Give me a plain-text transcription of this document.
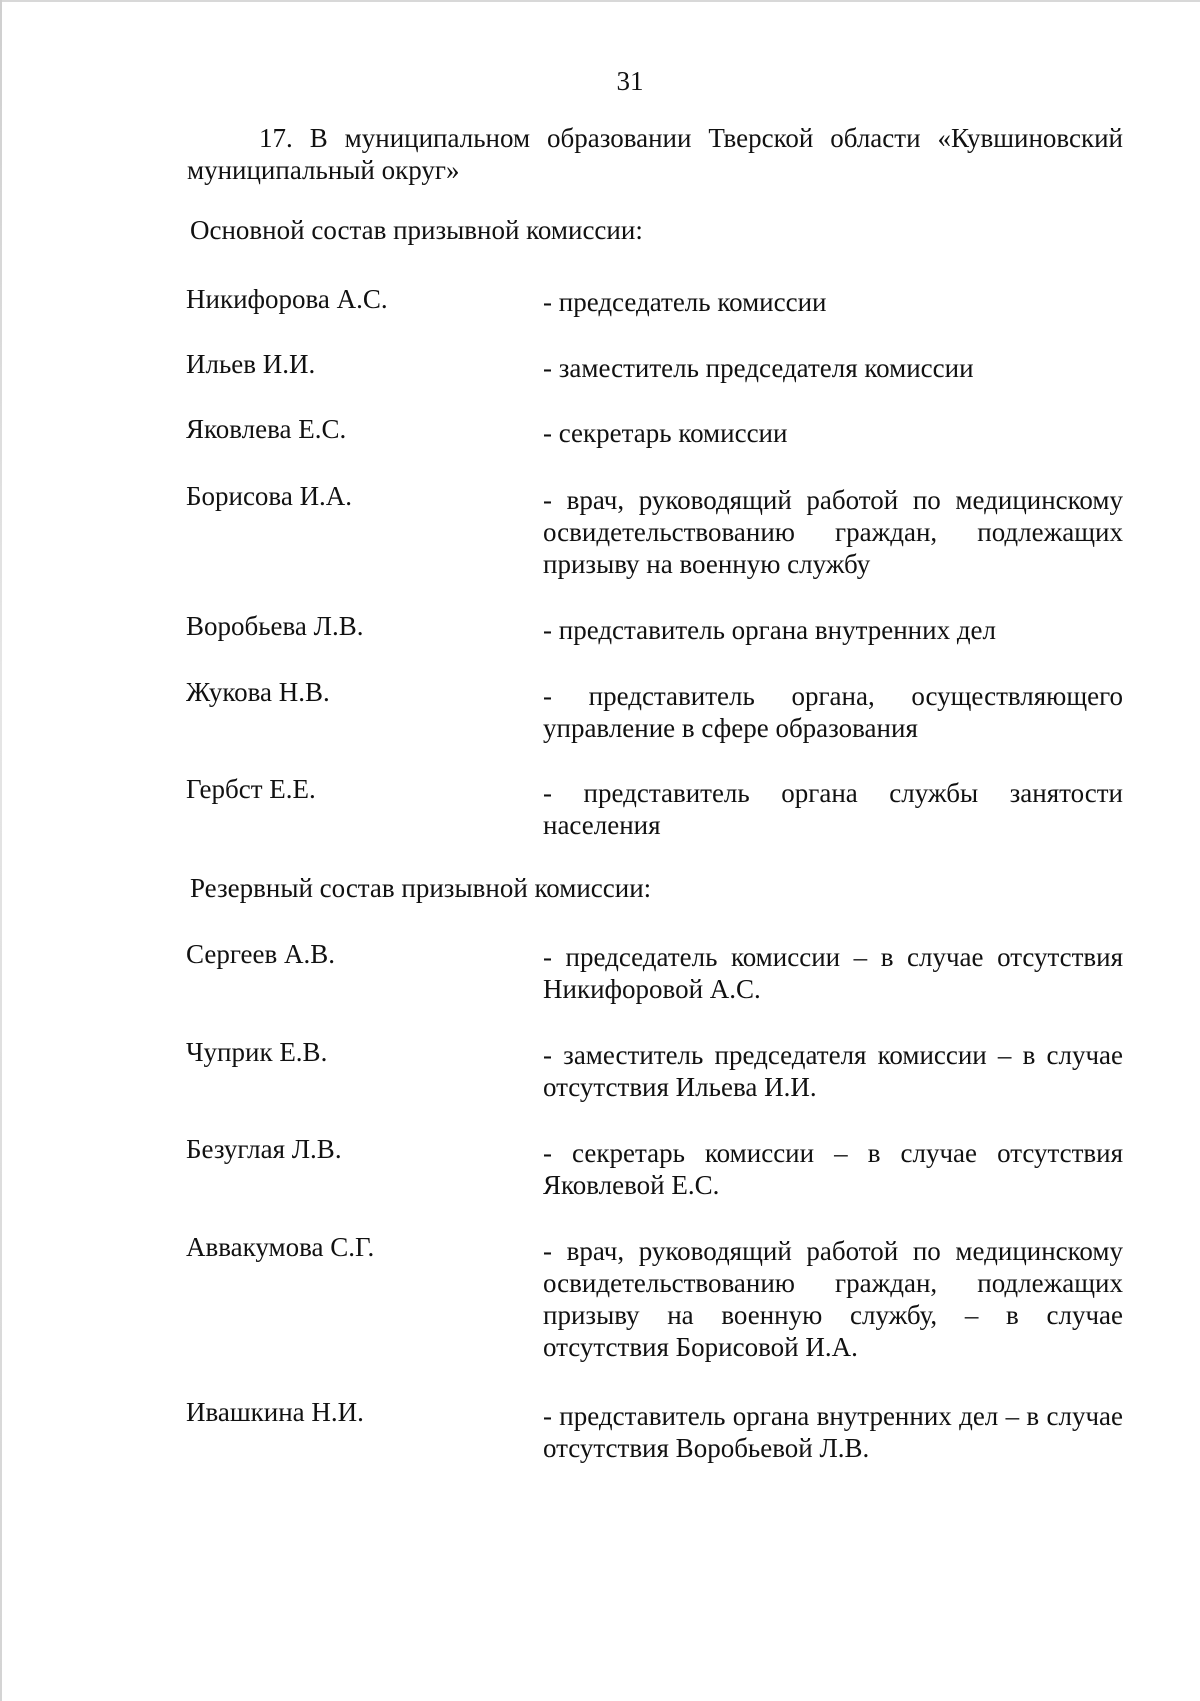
31
17. В муниципальном образовании Тверской области «Кувшиновский муниципальный округ»
Основной состав призывной комиссии:
Никифорова А.С.	- председатель комиссии
Ильев И.И.	- заместитель председателя комиссии
Яковлева Е.С.	- секретарь комиссии
Борисова И.А.	- врач, руководящий работой по медицинскому освидетельствованию граждан, подлежащих призыву на военную службу
Воробьева Л.В.	- представитель органа внутренних дел
Жукова Н.В.	- представитель органа, осуществляющего управление в сфере образования
Гербст Е.Е.	- представитель органа службы занятости населения
Резервный состав призывной комиссии:
Сергеев А.В.	- председатель комиссии – в случае отсутствия Никифоровой А.С.
Чуприк Е.В.	- заместитель председателя комиссии – в случае отсутствия Ильева И.И.
Безуглая Л.В.	- секретарь комиссии – в случае отсутствия Яковлевой Е.С.
Аввакумова С.Г.	- врач, руководящий работой по медицинскому освидетельствованию граждан, подлежащих призыву на военную службу, – в случае отсутствия Борисовой И.А.
Ивашкина Н.И.	- представитель органа внутренних дел – в случае отсутствия Воробьевой Л.В.
